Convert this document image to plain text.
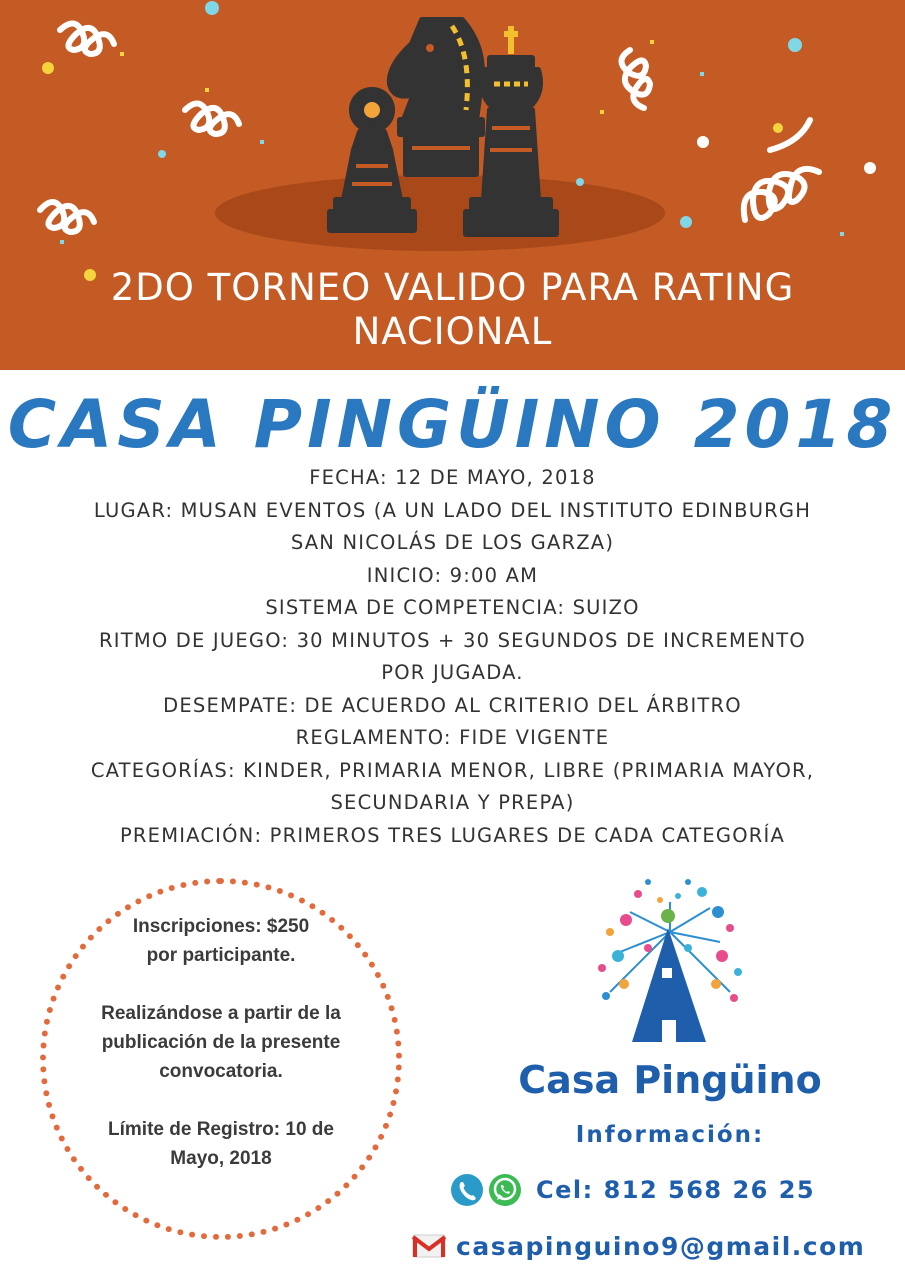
2DO TORNEO VALIDO PARA RATING
NACIONAL
CASA PINGÜINO 2018
FECHA: 12 DE MAYO, 2018
LUGAR: MUSAN EVENTOS (A UN LADO DEL INSTITUTO EDINBURGH
SAN NICOLÁS DE LOS GARZA)
INICIO: 9:00 AM
SISTEMA DE COMPETENCIA: SUIZO
RITMO DE JUEGO: 30 MINUTOS + 30 SEGUNDOS DE INCREMENTO
POR JUGADA.
DESEMPATE: DE ACUERDO AL CRITERIO DEL ÁRBITRO
REGLAMENTO: FIDE VIGENTE
CATEGORÍAS: KINDER, PRIMARIA MENOR, LIBRE (PRIMARIA MAYOR,
SECUNDARIA Y PREPA)
PREMIACIÓN: PRIMEROS TRES LUGARES DE CADA CATEGORÍA

Inscripciones: $250

por participante.

Realizándose a partir de la

publicación de la presente

convocatoria.

Límite de Registro: 10 de

Mayo, 2018

Casa Pingüino
Información:
Cel: 812 568 26 25
casapinguino9@gmail.com
